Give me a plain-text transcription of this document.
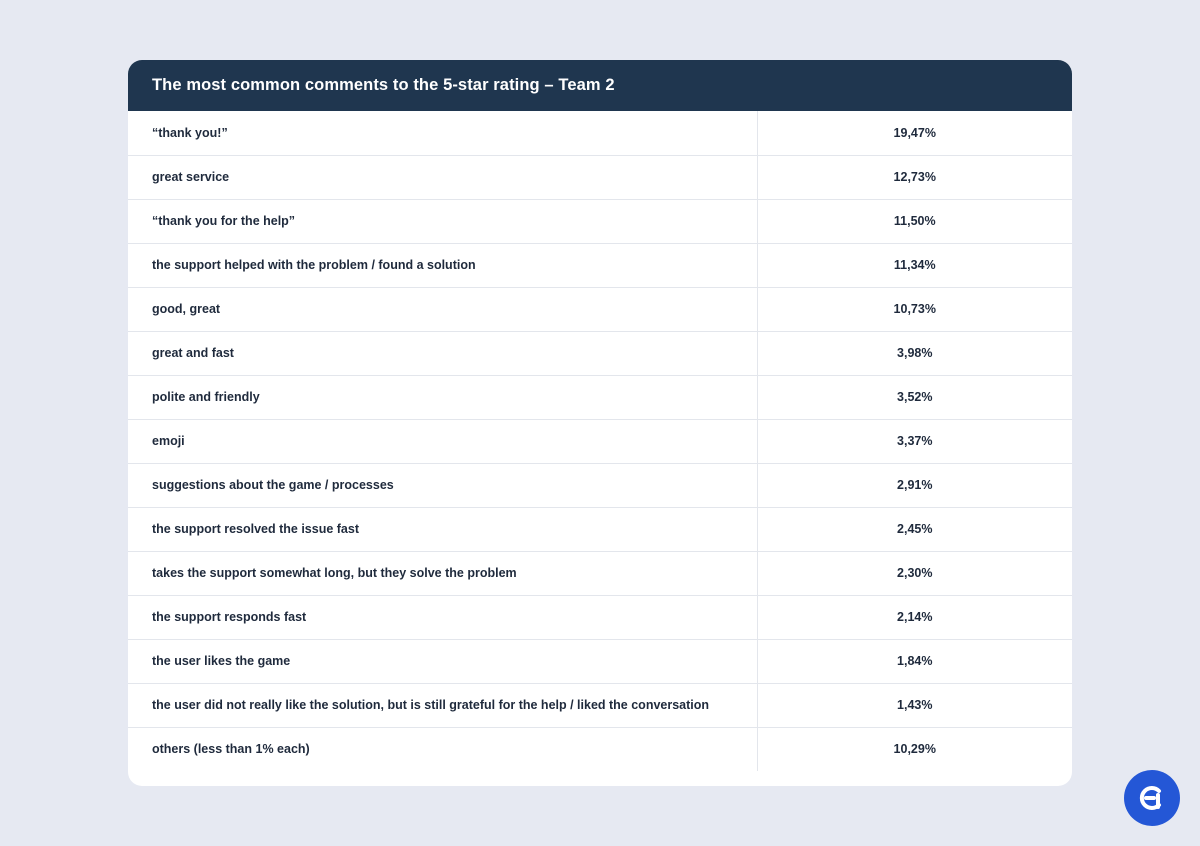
The most common comments to the 5-star rating – Team 2
“thank you!”	19,47%
great service	12,73%
“thank you for the help”	11,50%
the support helped with the problem / found a solution	11,34%
good, great	10,73%
great and fast	3,98%
polite and friendly	3,52%
emoji	3,37%
suggestions about the game / processes	2,91%
the support resolved the issue fast	2,45%
takes the support somewhat long, but they solve the problem	2,30%
the support responds fast	2,14%
the user likes the game	1,84%
the user did not really like the solution, but is still grateful for the help / liked the conversation	1,43%
others (less than 1% each)	10,29%
